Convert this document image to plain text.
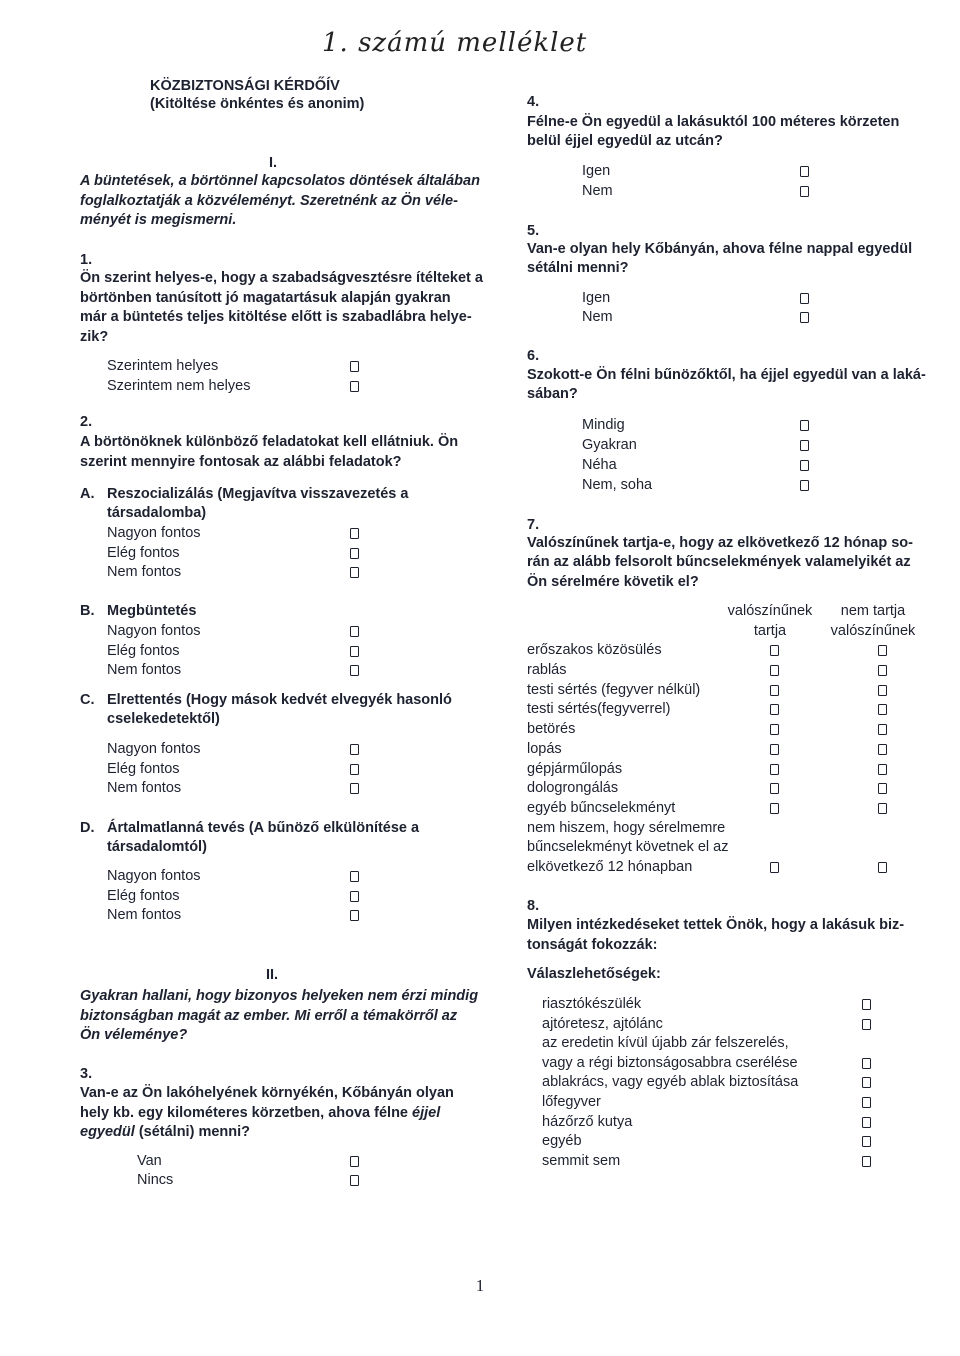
1. számú melléklet
KÖZBIZTONSÁGI KÉRDŐÍV
(Kitöltése önkéntes és anonim)
I.
A büntetések, a börtönnel kapcsolatos döntések általában
foglalkoztatják a közvéleményt. Szeretnénk az Ön véle-
ményét is megismerni.
1.
Ön szerint helyes-e, hogy a szabadságvesztésre ítélteket a
börtönben tanúsított jó magatartásuk alapján gyakran
már a büntetés teljes kitöltése előtt is szabadlábra helye-
zik?
Szerintem helyes
Szerintem nem helyes
2.
A börtönöknek különböző feladatokat kell ellátniuk. Ön
szerint mennyire fontosak az alábbi feladatok?
A. Reszocializálás (Megjavítva visszavezetés a
társadalomba)
Nagyon fontos
Elég fontos
Nem fontos
B. Megbüntetés
Nagyon fontos
Elég fontos
Nem fontos
C. Elrettentés (Hogy mások kedvét elvegyék hasonló
cselekedetektől)
Nagyon fontos
Elég fontos
Nem fontos
D. Ártalmatlanná tevés (A bűnöző elkülönítése a
társadalomtól)
Nagyon fontos
Elég fontos
Nem fontos
II.
Gyakran hallani, hogy bizonyos helyeken nem érzi mindig
biztonságban magát az ember. Mi erről a témakörről az
Ön véleménye?
3.
Van-e az Ön lakóhelyének környékén, Kőbányán olyan
hely kb. egy kilométeres körzetben, ahova félne éjjel
egyedül (sétálni) menni?
Van
Nincs
4.
Félne-e Ön egyedül a lakásuktól 100 méteres körzeten
belül éjjel egyedül az utcán?
Igen
Nem
5.
Van-e olyan hely Kőbányán, ahova félne nappal egyedül
sétálni menni?
Igen
Nem
6.
Szokott-e Ön félni bűnözőktől, ha éjjel egyedül van a laká-
sában?
Mindig
Gyakran
Néha
Nem, soha
7.
Valószínűnek tartja-e, hogy az elkövetkező 12 hónap so-
rán az alább felsorolt bűncselekmények valamelyikét az
Ön sérelmére követik el?
valószínűnek
tartja
nem tartja
valószínűnek
erőszakos közösülés
rablás
testi sértés (fegyver nélkül)
testi sértés(fegyverrel)
betörés
lopás
gépjárműlopás
dologrongálás
egyéb bűncselekményt
nem hiszem, hogy sérelmemre
bűncselekményt követnek el az
elkövetkező 12 hónapban
8.
Milyen intézkedéseket tettek Önök, hogy a lakásuk biz-
tonságát fokozzák:
Válaszlehetőségek:
riasztókészülék
ajtóretesz, ajtólánc
az eredetin kívül újabb zár felszerelés,
vagy a régi biztonságosabbra cserélése
ablakrács, vagy egyéb ablak biztosítása
lőfegyver
házőrző kutya
egyéb
semmit sem
1
